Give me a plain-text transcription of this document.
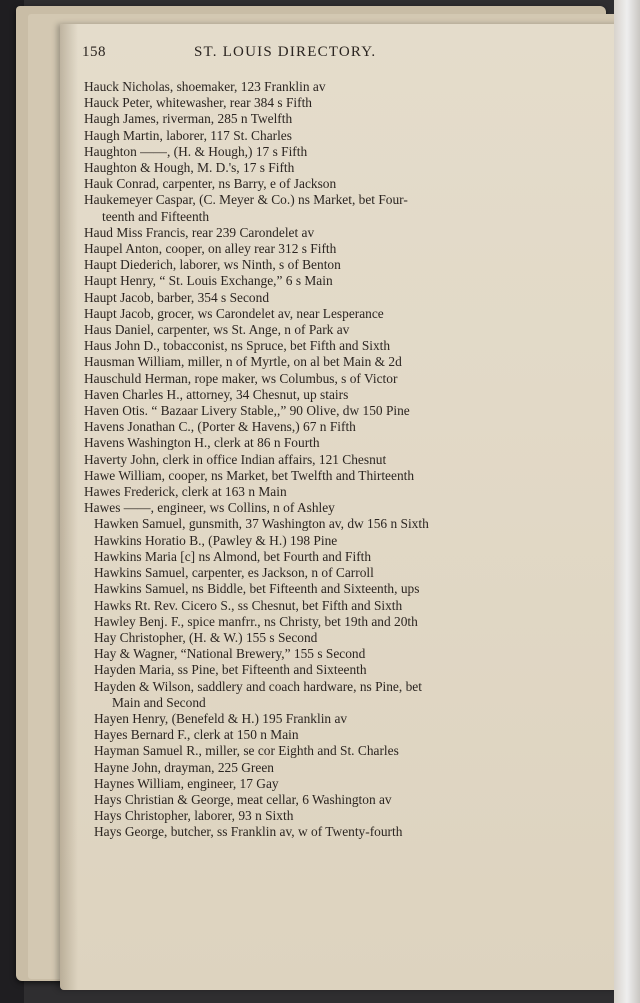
158	ST. LOUIS DIRECTORY.
Hauck Nicholas, shoemaker, 123 Franklin av
Hauck Peter, whitewasher, rear 384 s Fifth
Haugh James, riverman, 285 n Twelfth
Haugh Martin, laborer, 117 St. Charles
Haughton ——, (H. & Hough,) 17 s Fifth
Haughton & Hough, M. D.'s, 17 s Fifth
Hauk Conrad, carpenter, ns Barry, e of Jackson
Haukemeyer Caspar, (C. Meyer & Co.) ns Market, bet Four-
teenth and Fifteenth
Haud Miss Francis, rear 239 Carondelet av
Haupel Anton, cooper, on alley rear 312 s Fifth
Haupt Diederich, laborer, ws Ninth, s of Benton
Haupt Henry, “ St. Louis Exchange,” 6 s Main
Haupt Jacob, barber, 354 s Second
Haupt Jacob, grocer, ws Carondelet av, near Lesperance
Haus Daniel, carpenter, ws St. Ange, n of Park av
Haus John D., tobacconist, ns Spruce, bet Fifth and Sixth
Hausman William, miller, n of Myrtle, on al bet Main & 2d
Hauschuld Herman, rope maker, ws Columbus, s of Victor
Haven Charles H., attorney, 34 Chesnut, up stairs
Haven Otis. “ Bazaar Livery Stable,,” 90 Olive, dw 150 Pine
Havens Jonathan C., (Porter & Havens,) 67 n Fifth
Havens Washington H., clerk at 86 n Fourth
Haverty John, clerk in office Indian affairs, 121 Chesnut
Hawe William, cooper, ns Market, bet Twelfth and Thirteenth
Hawes Frederick, clerk at 163 n Main
Hawes ——, engineer, ws Collins, n of Ashley
Hawken Samuel, gunsmith, 37 Washington av, dw 156 n Sixth
Hawkins Horatio B., (Pawley & H.) 198 Pine
Hawkins Maria [c] ns Almond, bet Fourth and Fifth
Hawkins Samuel, carpenter, es Jackson, n of Carroll
Hawkins Samuel, ns Biddle, bet Fifteenth and Sixteenth, ups
Hawks Rt. Rev. Cicero S., ss Chesnut, bet Fifth and Sixth
Hawley Benj. F., spice manfrr., ns Christy, bet 19th and 20th
Hay Christopher, (H. & W.) 155 s Second
Hay & Wagner, “National Brewery,” 155 s Second
Hayden Maria, ss Pine, bet Fifteenth and Sixteenth
Hayden & Wilson, saddlery and coach hardware, ns Pine, bet
Main and Second
Hayen Henry, (Benefeld & H.) 195 Franklin av
Hayes Bernard F., clerk at 150 n Main
Hayman Samuel R., miller, se cor Eighth and St. Charles
Hayne John, drayman, 225 Green
Haynes William, engineer, 17 Gay
Hays Christian & George, meat cellar, 6 Washington av
Hays Christopher, laborer, 93 n Sixth
Hays George, butcher, ss Franklin av, w of Twenty-fourth
